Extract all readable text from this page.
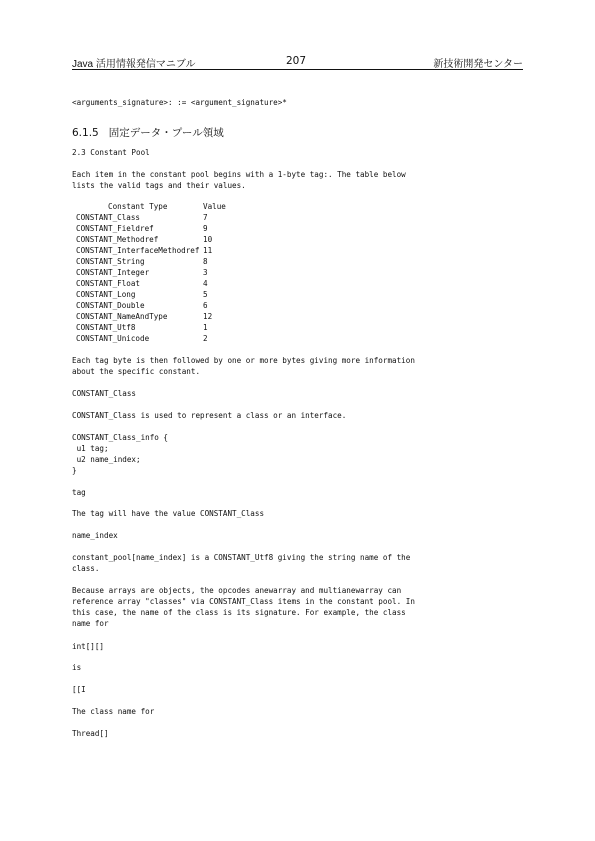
Java 活用情報発信マニブル	207	新技術開発センター
<arguments_signature>: := <argument_signature>*
6.1.5 固定データ・プール領域
2.3 Constant Pool
Each item in the constant pool begins with a 1-byte tag:. The table below
lists the valid tags and their values.
Constant Type	Value
CONSTANT_Class	7
CONSTANT_Fieldref	9
CONSTANT_Methodref	10
CONSTANT_InterfaceMethodref 11
CONSTANT_String	8
CONSTANT_Integer	3
CONSTANT_Float	4
CONSTANT_Long	5
CONSTANT_Double	6
CONSTANT_NameAndType	12
CONSTANT_Utf8	1
CONSTANT_Unicode	2
Each tag byte is then followed by one or more bytes giving more information
about the specific constant.
CONSTANT_Class
CONSTANT_Class is used to represent a class or an interface.
CONSTANT_Class_info {
u1 tag;
u2 name_index;
}
tag
The tag will have the value CONSTANT_Class
name_index
constant_pool[name_index] is a CONSTANT_Utf8 giving the string name of the
class.
Because arrays are objects, the opcodes anewarray and multianewarray can
reference array "classes" via CONSTANT_Class items in the constant pool. In
this case, the name of the class is its signature. For example, the class
name for
int[][]
is
[[I
The class name for
Thread[]
